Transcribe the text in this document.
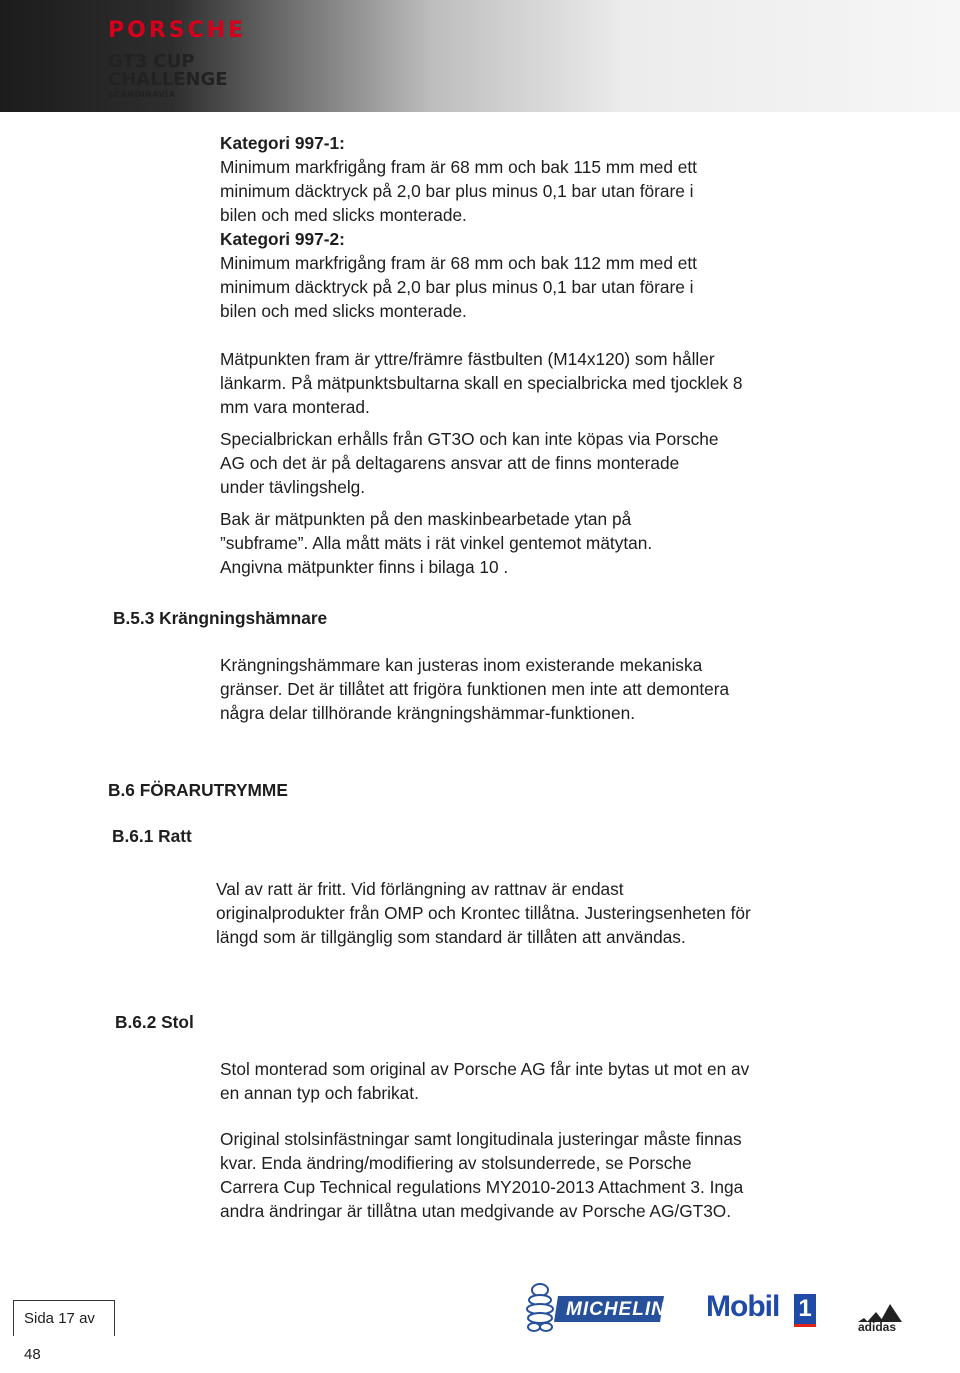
PORSCHE
GT3 CUP
CHALLENGE
SCANDINAVIA

Kategori 997-1:

Minimum markfrigång fram är 68 mm och bak 115 mm med ett

minimum däcktryck på 2,0 bar plus minus 0,1 bar utan förare i

bilen och med slicks monterade.

Kategori 997-2:

Minimum markfrigång fram är 68 mm och bak 112 mm med ett

minimum däcktryck på 2,0 bar plus minus 0,1 bar utan förare i

bilen och med slicks monterade.

Mätpunkten fram är yttre/främre fästbulten (M14x120) som håller

länkarm. På mätpunktsbultarna skall en specialbricka med tjocklek 8

mm vara monterad.

Specialbrickan erhålls från GT3O och kan inte köpas via Porsche

AG och det är på deltagarens ansvar att de finns monterade

under tävlingshelg.

Bak är mätpunkten på den maskinbearbetade ytan på

”subframe”. Alla mått mäts i rät vinkel gentemot mätytan.

Angivna mätpunkter finns i bilaga 10 .

B.5.3 Krängningshämnare

Krängningshämmare kan justeras inom existerande mekaniska

gränser. Det är tillåtet att frigöra funktionen men inte att demontera

några delar tillhörande krängningshämmar-funktionen.

B.6 FÖRARUTRYMME
B.6.1 Ratt

Val av ratt är fritt. Vid förlängning av rattnav är endast

originalprodukter från OMP och Krontec tillåtna. Justeringsenheten för

längd som är tillgänglig som standard är tillåten att användas.

B.6.2 Stol

Stol monterad som original av Porsche AG får inte bytas ut mot en av

en annan typ och fabrikat.

Original stolsinfästningar samt longitudinala justeringar måste finnas

kvar. Enda ändring/modifiering av stolsunderrede, se Porsche

Carrera Cup Technical regulations MY2010-2013 Attachment 3. Inga

andra ändringar är tillåtna utan medgivande av Porsche AG/GT3O.

Sida 17 av 48
MICHELIN Mobil 1
adidas
